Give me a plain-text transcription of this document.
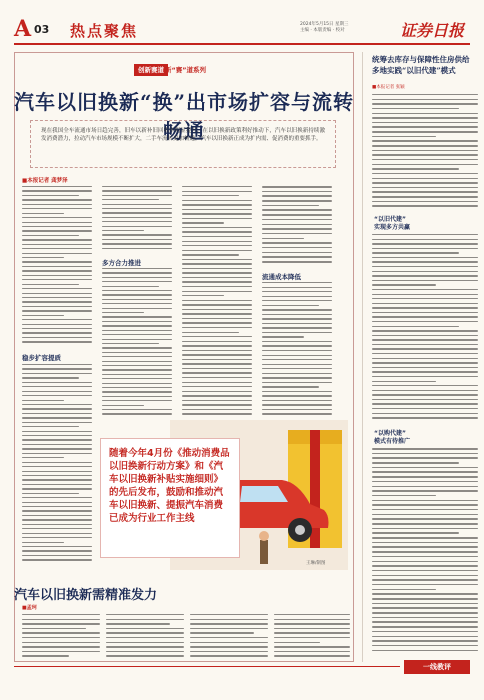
A 03 热点聚焦	2024年5月15日 星期三
主编 · 本版责编 · 校对	证券日报
创新赛道 新“赛”道系列
汽车以旧换新“换”出市场扩容与流转畅通
现在我国全车流通市场日趋完善，旧车以新补旧回收率明显提升，在以旧换新政策利好推动下，汽车以旧换新持续激发消费潜力，拉动汽车市场规模不断扩大，二手车流转更加畅通，汽车以旧换新正成为扩内需、促消费的重要抓手。
■本报记者 龚梦泽
稳步扩容提质
多方合力推进
流通成本降低
随着今年4月份《推动消费品以旧换新行动方案》和《汽车以旧换新补贴实施细则》的先后发布，鼓励和推动汽车以旧换新、提振汽车消费已成为行业工作主线
王琳/制图
汽车以旧换新需精准发力
■孟珂
统筹去库存与保障性住房供给 多地实践“以旧代建”模式
■本报记者 张颖
“以旧代建”
实现多方共赢
“以购代建”
模式有待推广
一线教评
